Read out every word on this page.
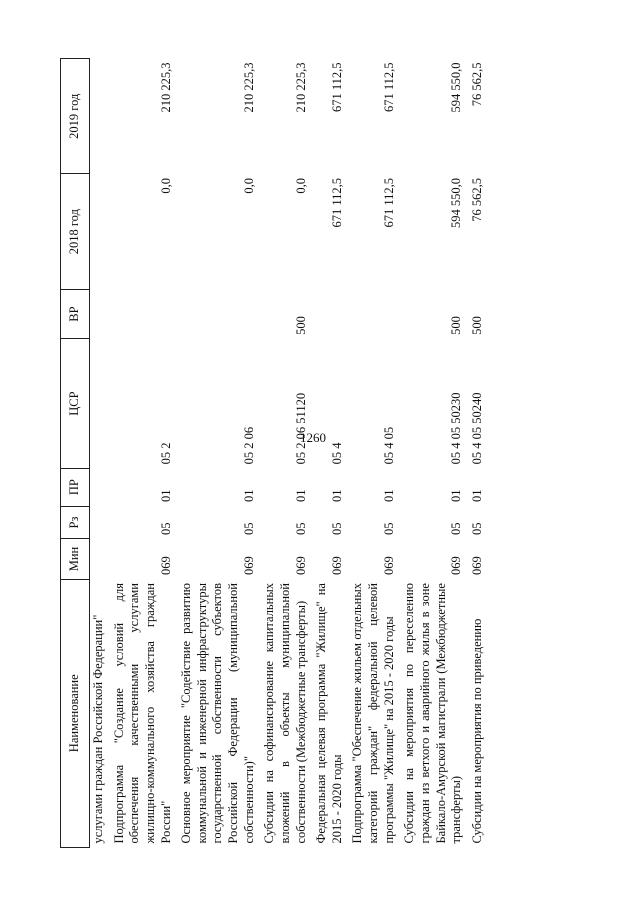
1260
Наименование	Мин	Рз	ПР	ЦСР	ВР	2018 год	2019 год
услугами граждан Российской Федерации"							
Подпрограмма "Создание условий для обеспечения качественными услугами жилищно-коммунального хозяйства граждан России"	069	05	01	05 2		0,0	210 225,3
Основное мероприятие "Содействие развитию коммунальной и инженерной инфраструктуры государственной собственности субъектов Российской Федерации (муниципальной собственности)"	069	05	01	05 2 06		0,0	210 225,3
Субсидии на софинансирование капитальных вложений в объекты муниципальной собственности (Межбюджетные трансферты)	069	05	01	05 2 06 51120	500	0,0	210 225,3
Федеральная целевая программа "Жилище" на 2015 - 2020 годы	069	05	01	05 4		671 112,5	671 112,5
Подпрограмма "Обеспечение жильем отдельных категорий граждан" федеральной целевой программы "Жилище" на 2015 - 2020 годы	069	05	01	05 4 05		671 112,5	671 112,5
Субсидии на мероприятия по переселению граждан из ветхого и аварийного жилья в зоне Байкало-Амурской магистрали (Межбюджетные трансферты)	069	05	01	05 4 05 50230	500	594 550,0	594 550,0
Субсидии на мероприятия по приведению	069	05	01	05 4 05 50240	500	76 562,5	76 562,5
